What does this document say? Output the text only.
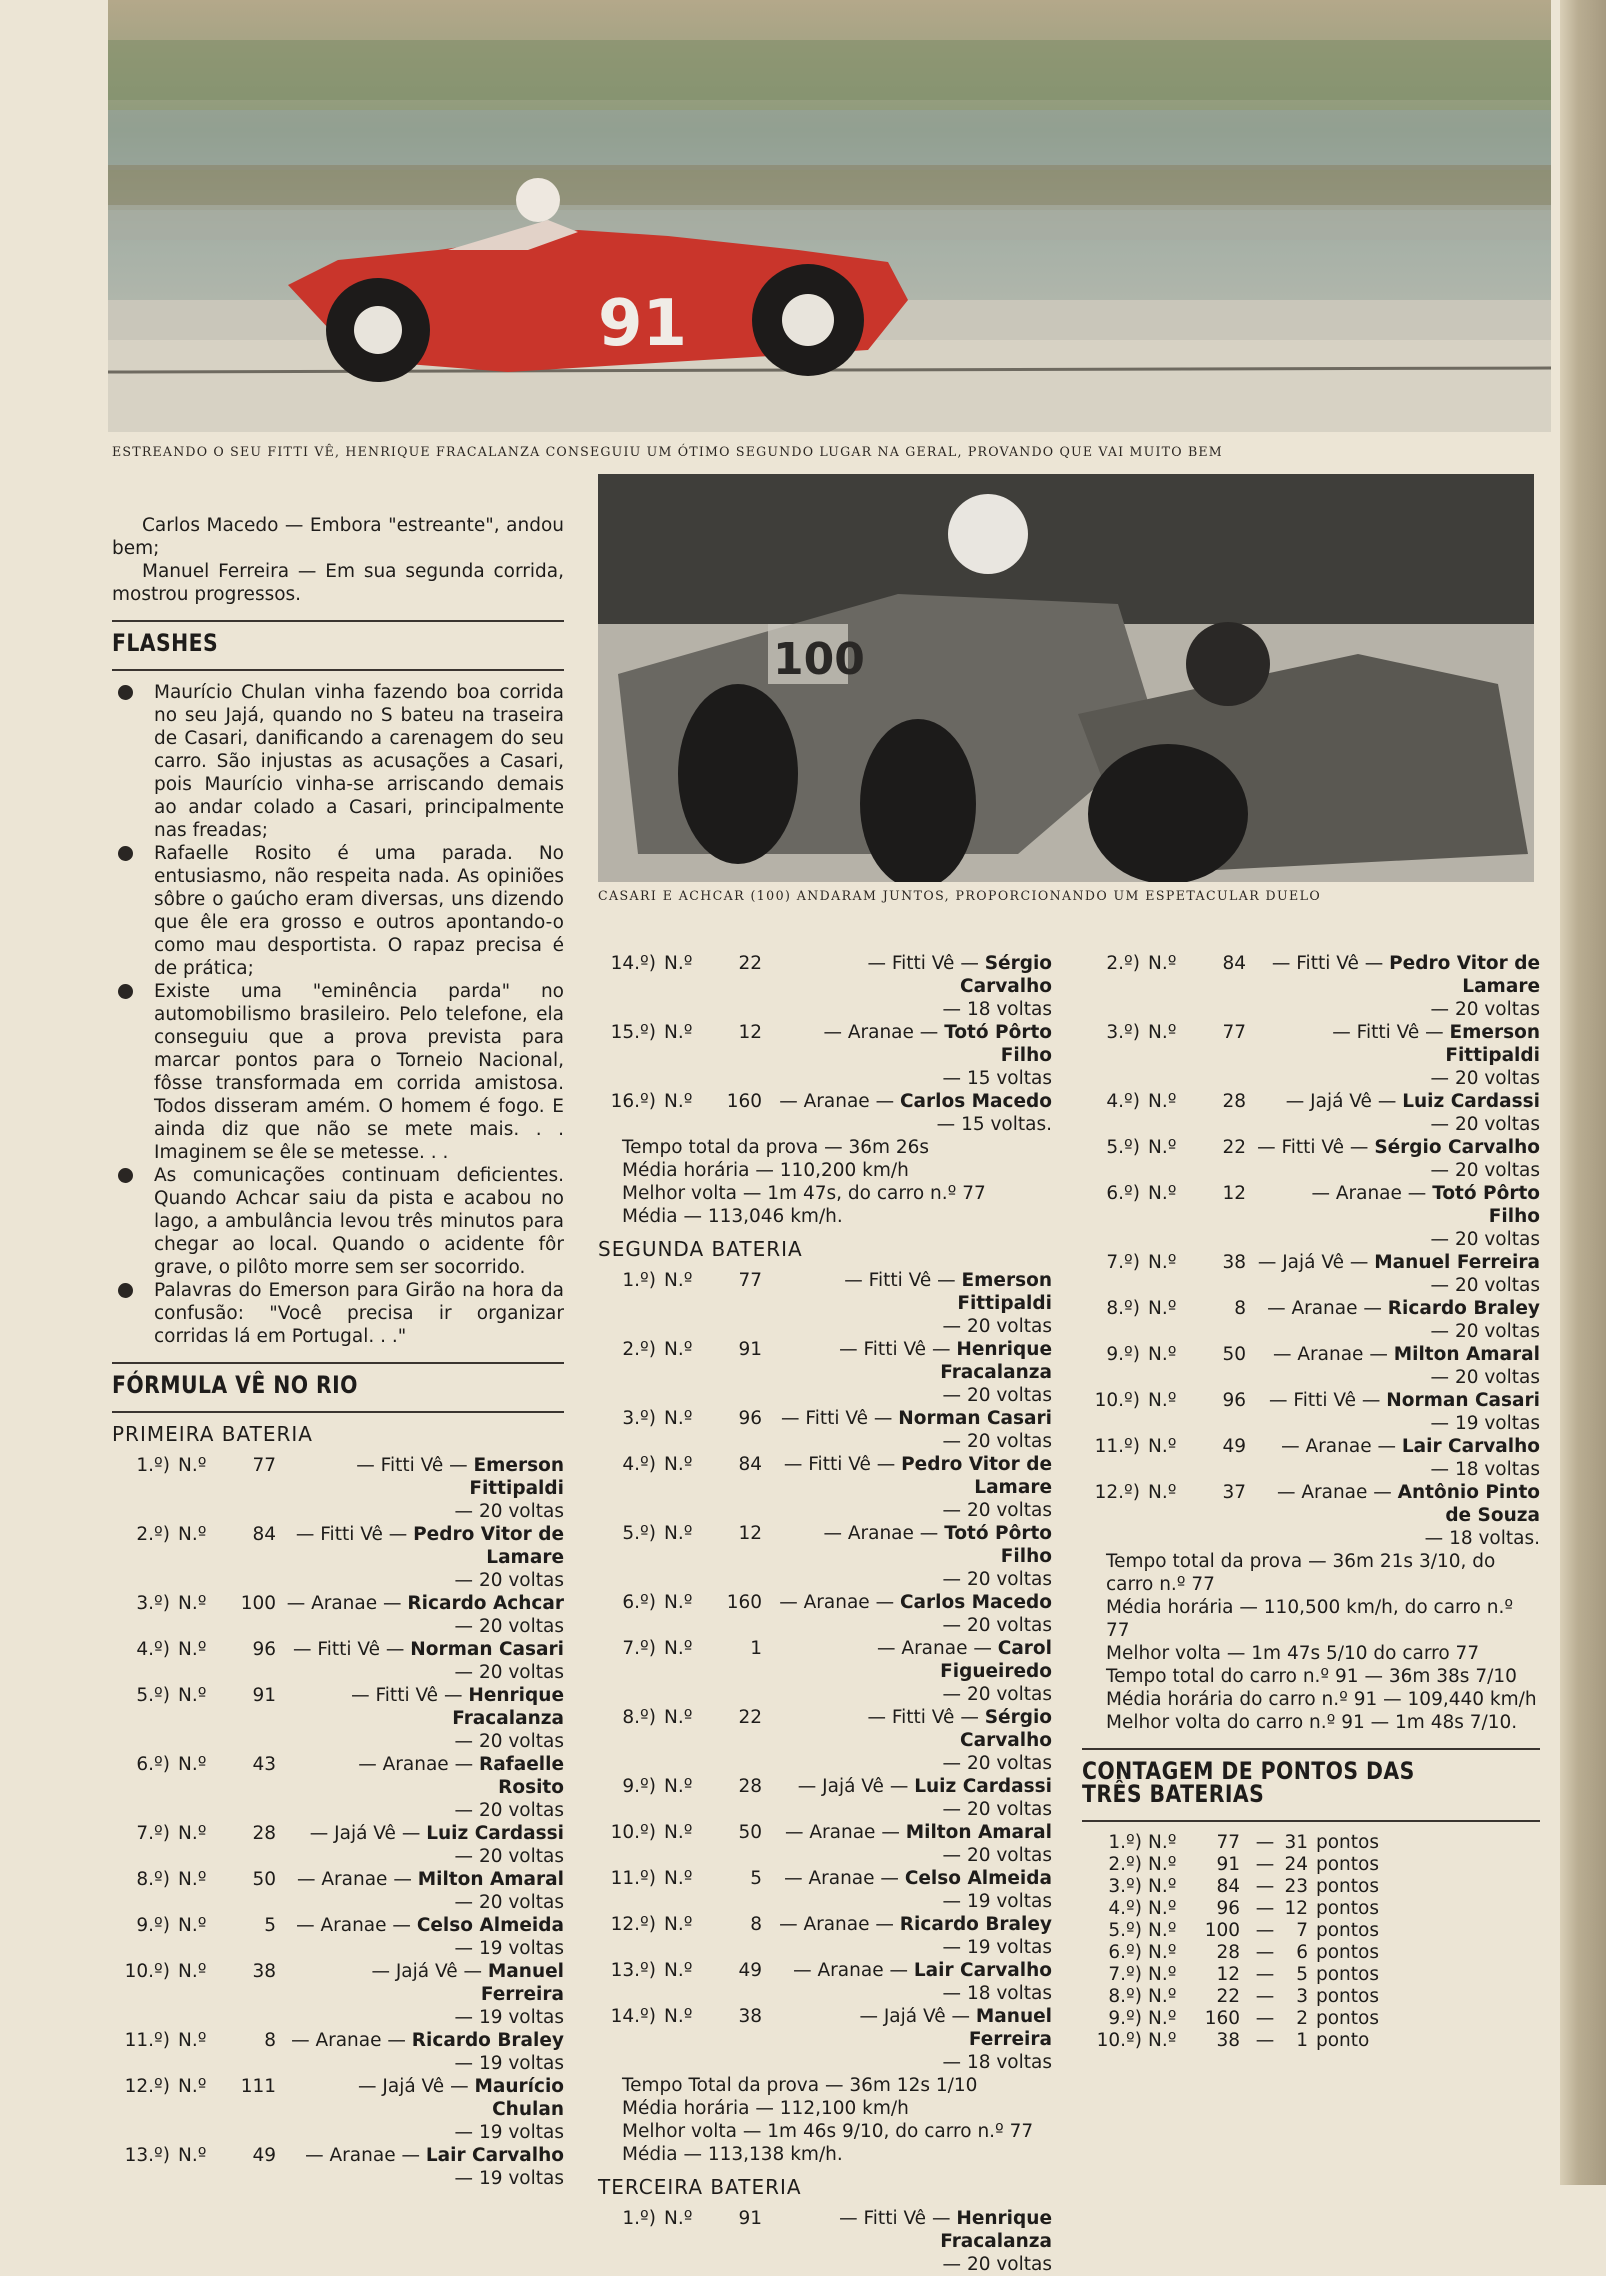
91
ESTREANDO O SEU FITTI VÊ, HENRIQUE FRACALANZA CONSEGUIU UM ÓTIMO SEGUNDO LUGAR NA GERAL, PROVANDO QUE VAI MUITO BEM
100
CASARI E ACHCAR (100) ANDARAM JUNTOS, PROPORCIONANDO UM ESPETACULAR DUELO
Carlos Macedo — Embora "estreante", andou bem;
Manuel Ferreira — Em sua segunda corrida, mostrou progressos.
FLASHES
Maurício Chulan vinha fazendo boa corrida no seu Jajá, quando no S bateu na traseira de Casari, danificando a carenagem do seu carro. São injustas as acusações a Casari, pois Maurício vinha-se arriscando demais ao andar colado a Casari, principalmente nas freadas;
Rafaelle Rosito é uma parada. No entusiasmo, não respeita nada. As opiniões sôbre o gaúcho eram diversas, uns dizendo que êle era grosso e outros apontando-o como mau desportista. O rapaz precisa é de prática;
Existe uma "eminência parda" no automobilismo brasileiro. Pelo telefone, ela conseguiu que a prova prevista para marcar pontos para o Torneio Nacional, fôsse transformada em corrida amistosa. Todos disseram amém. O homem é fogo. E ainda diz que não se mete mais. . . Imaginem se êle se metesse. . .
As comunicações continuam deficientes. Quando Achcar saiu da pista e acabou no lago, a ambulância levou três minutos para chegar ao local. Quando o acidente fôr grave, o pilôto morre sem ser socorrido.
Palavras do Emerson para Girão na hora da confusão: "Você precisa ir organizar corridas lá em Portugal. . ."
FÓRMULA VÊ NO RIO
PRIMEIRA BATERIA
1.º) N.º	77	— Fitti Vê — Emerson Fittipaldi
— 20 voltas
2.º) N.º	84	— Fitti Vê — Pedro Vitor de Lamare
— 20 voltas
3.º) N.º	100 — Aranae — Ricardo Achcar
— 20 voltas
4.º) N.º	96 — Fitti Vê — Norman Casari
— 20 voltas
5.º) N.º	91	— Fitti Vê — Henrique Fracalanza
— 20 voltas
6.º) N.º	43	— Aranae — Rafaelle Rosito
— 20 voltas
7.º) N.º	28	— Jajá Vê — Luiz Cardassi
— 20 voltas
8.º) N.º	50	— Aranae — Milton Amaral
— 20 voltas
9.º) N.º	5	— Aranae — Celso Almeida
— 19 voltas
10.º) N.º	38	— Jajá Vê — Manuel Ferreira
— 19 voltas
11.º) N.º	8 — Aranae — Ricardo Braley
— 19 voltas
12.º) N.º	111	— Jajá Vê — Maurício Chulan
— 19 voltas
13.º) N.º	49	— Aranae — Lair Carvalho
— 19 voltas
14.º) N.º	22	— Fitti Vê — Sérgio Carvalho
— 18 voltas
15.º) N.º	12	— Aranae — Totó Pôrto Filho
— 15 voltas
16.º) N.º	160 — Aranae — Carlos Macedo
— 15 voltas.
Tempo total da prova — 36m 26s
Média horária — 110,200 km/h
Melhor volta — 1m 47s, do carro n.º 77
Média — 113,046 km/h.
SEGUNDA BATERIA
1.º) N.º	77	— Fitti Vê — Emerson Fittipaldi
— 20 voltas
2.º) N.º	91	— Fitti Vê — Henrique Fracalanza
— 20 voltas
3.º) N.º	96	— Fitti Vê — Norman Casari
— 20 voltas
4.º) N.º	84	— Fitti Vê — Pedro Vitor de Lamare
— 20 voltas
5.º) N.º	12	— Aranae — Totó Pôrto Filho
— 20 voltas
6.º) N.º	160 — Aranae — Carlos Macedo
— 20 voltas
7.º) N.º	1	— Aranae — Carol Figueiredo
— 20 voltas
8.º) N.º	22	— Fitti Vê — Sérgio Carvalho
— 20 voltas
9.º) N.º	28	— Jajá Vê — Luiz Cardassi
— 20 voltas
10.º) N.º	50	— Aranae — Milton Amaral
— 20 voltas
11.º) N.º	5	— Aranae — Celso Almeida
— 19 voltas
12.º) N.º	8 — Aranae — Ricardo Braley
— 19 voltas
13.º) N.º	49	— Aranae — Lair Carvalho
— 18 voltas
14.º) N.º	38	— Jajá Vê — Manuel Ferreira
— 18 voltas
Tempo Total da prova — 36m 12s 1/10
Média horária — 112,100 km/h
Melhor volta — 1m 46s 9/10, do carro n.º 77
Média — 113,138 km/h.
TERCEIRA BATERIA
1.º) N.º	91	— Fitti Vê — Henrique Fracalanza
— 20 voltas
2.º) N.º	84	— Fitti Vê — Pedro Vitor de Lamare
— 20 voltas
3.º) N.º	77	— Fitti Vê — Emerson Fittipaldi
— 20 voltas
4.º) N.º	28	— Jajá Vê — Luiz Cardassi
— 20 voltas
5.º) N.º	22 — Fitti Vê — Sérgio Carvalho
— 20 voltas
6.º) N.º	12	— Aranae — Totó Pôrto Filho
— 20 voltas
7.º) N.º	38 — Jajá Vê — Manuel Ferreira
— 20 voltas
8.º) N.º	8	— Aranae — Ricardo Braley
— 20 voltas
9.º) N.º	50	— Aranae — Milton Amaral
— 20 voltas
10.º) N.º	96	— Fitti Vê — Norman Casari
— 19 voltas
11.º) N.º	49	— Aranae — Lair Carvalho
— 18 voltas
12.º) N.º	37	— Aranae — Antônio Pinto de Souza
— 18 voltas.
Tempo total da prova — 36m 21s 3/10, do carro n.º 77
Média horária — 110,500 km/h, do carro n.º 77
Melhor volta — 1m 47s 5/10 do carro 77
Tempo total do carro n.º 91 — 36m 38s 7/10
Média horária do carro n.º 91 — 109,440 km/h
Melhor volta do carro n.º 91 — 1m 48s 7/10.
CONTAGEM DE PONTOS DAS TRÊS BATERIAS
1.º) N.º	77 — 31 pontos
2.º) N.º	91 — 24 pontos
3.º) N.º	84 — 23 pontos
4.º) N.º	96 — 12 pontos
5.º) N.º	100 —	7 pontos
6.º) N.º	28 —	6 pontos
7.º) N.º	12 —	5 pontos
8.º) N.º	22 —	3 pontos
9.º) N.º	160 —	2 pontos
10.º) N.º	38 —	1 ponto
